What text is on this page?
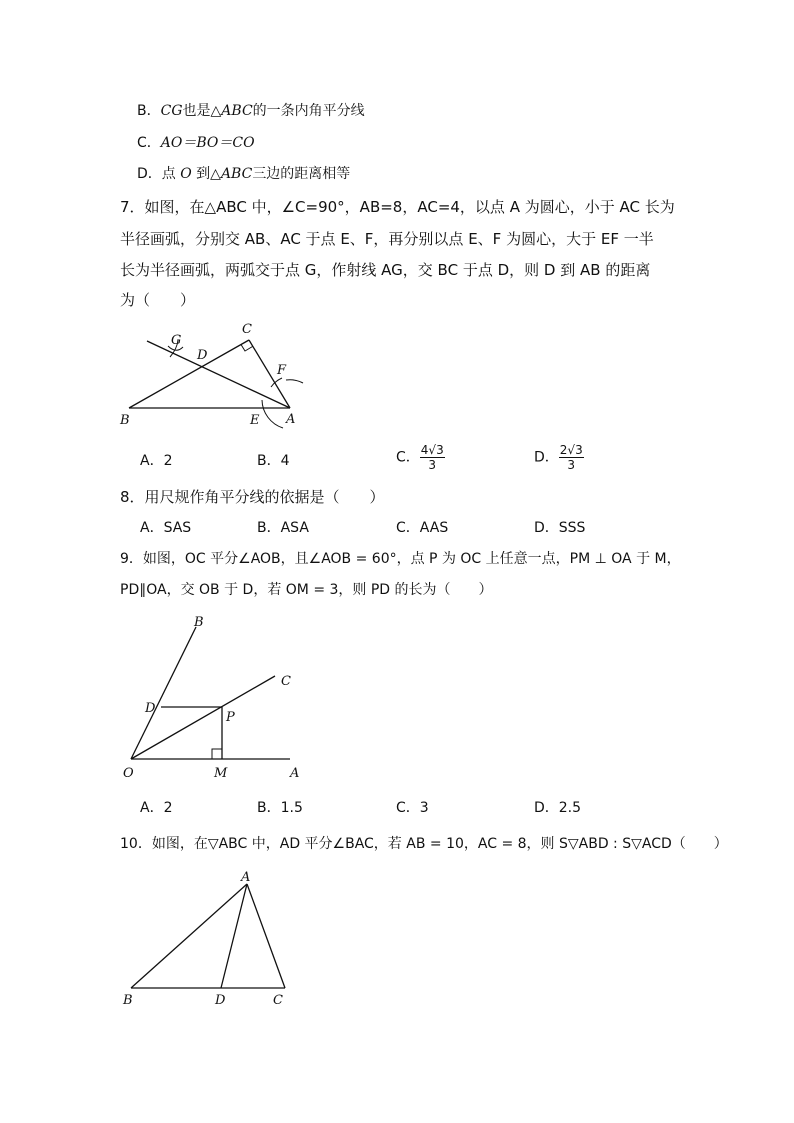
B．CG也是△ABC的一条内角平分线
C．AO＝BO＝CO
D．点 O 到△ABC三边的距离相等
7．如图，在△ABC 中，∠C=90°，AB=8，AC=4，以点 A 为圆心，小于 AC 长为
半径画弧，分别交 AB、AC 于点 E、F，再分别以点 E、F 为圆心，大于 EF 一半
长为半径画弧，两弧交于点 G，作射线 AG，交 BC 于点 D，则 D 到 AB 的距离
为（　　）
G
C
D
F
B	E A
A．2	B．4	C． $\frac{4√3}{3}$	D． $\frac{2√3}{3}$
8．用尺规作角平分线的依据是（　　）
A．SAS	B．ASA	C．AAS	D．SSS
9．如图，OC 平分∠AOB，且∠AOB = 60°，点 P 为 OC 上任意一点，PM ⊥ OA 于 M，
PD∥OA，交 OB 于 D，若 OM = 3，则 PD 的长为（　　）
B
C
D
P
O	M	A
A．2	B．1.5	C．3	D．2.5
10．如图，在▽ABC 中，AD 平分∠BAC，若 AB = 10，AC = 8，则 S▽ABD : S▽ACD（　　）
A
B	D	C
